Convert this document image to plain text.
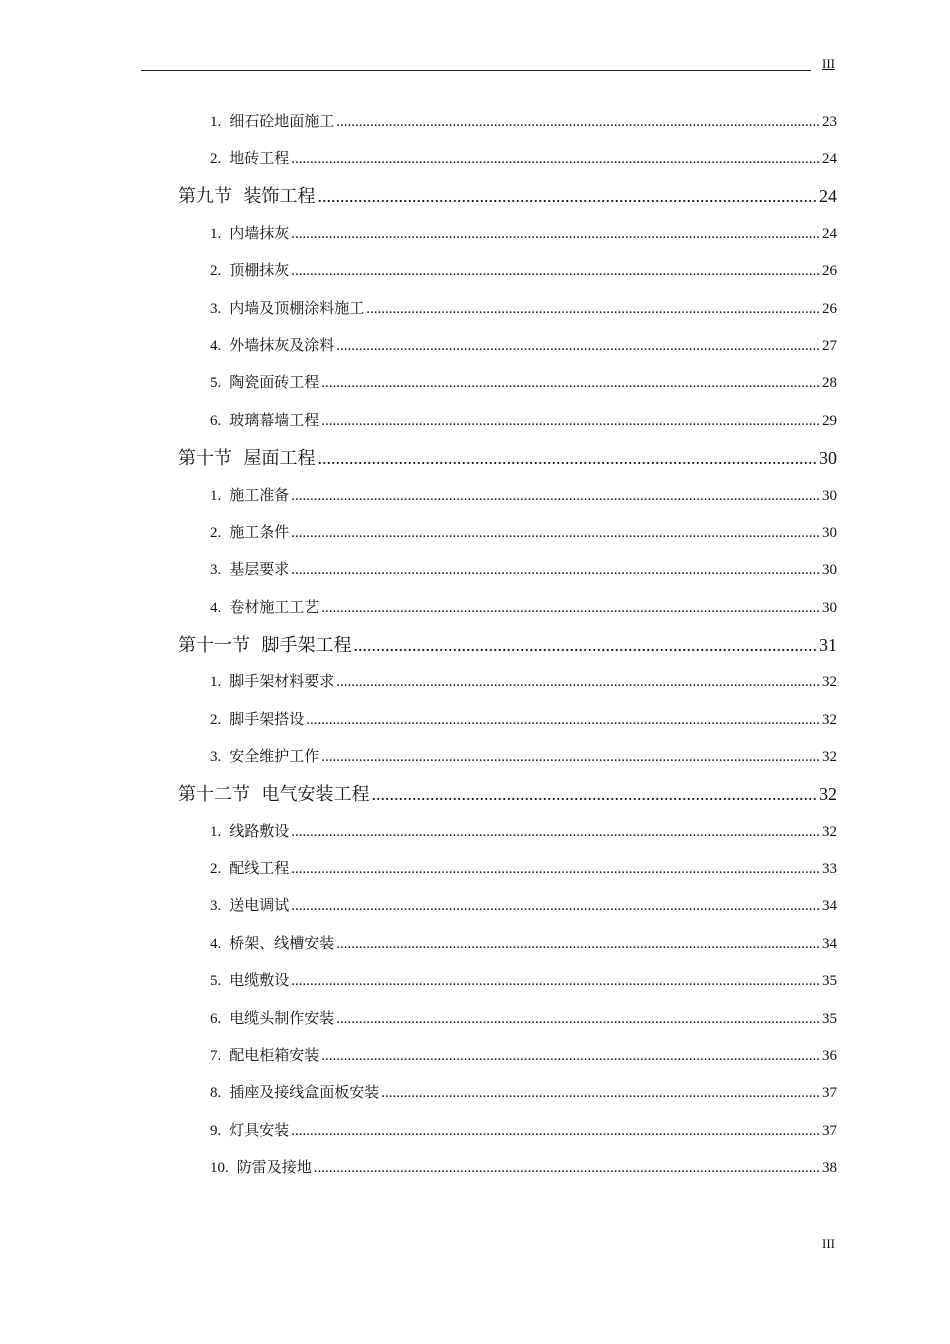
III
1. 细石砼地面施工 .....	23
2. 地砖工程 .....	24
第九节  装饰工程 .....	24
1. 内墙抹灰 .....	24
2. 顶棚抹灰 .....	26
3. 内墙及顶棚涂料施工 .....	26
4. 外墙抹灰及涂料 .....	27
5. 陶瓷面砖工程 .....	28
6. 玻璃幕墙工程 .....	29
第十节  屋面工程 .....	30
1. 施工准备 .....	30
2. 施工条件 .....	30
3. 基层要求 .....	30
4. 卷材施工工艺 .....	30
第十一节  脚手架工程 .....	31
1. 脚手架材料要求 .....	32
2. 脚手架搭设 .....	32
3. 安全维护工作 .....	32
第十二节  电气安装工程 .....	32
1. 线路敷设 .....	32
2. 配线工程 .....	33
3. 送电调试 .....	34
4. 桥架、线槽安装 .....	34
5. 电缆敷设 .....	35
6. 电缆头制作安装 .....	35
7. 配电柜箱安装 .....	36
8. 插座及接线盒面板安装 .....	37
9. 灯具安装 .....	37
10. 防雷及接地 .....	38
III
